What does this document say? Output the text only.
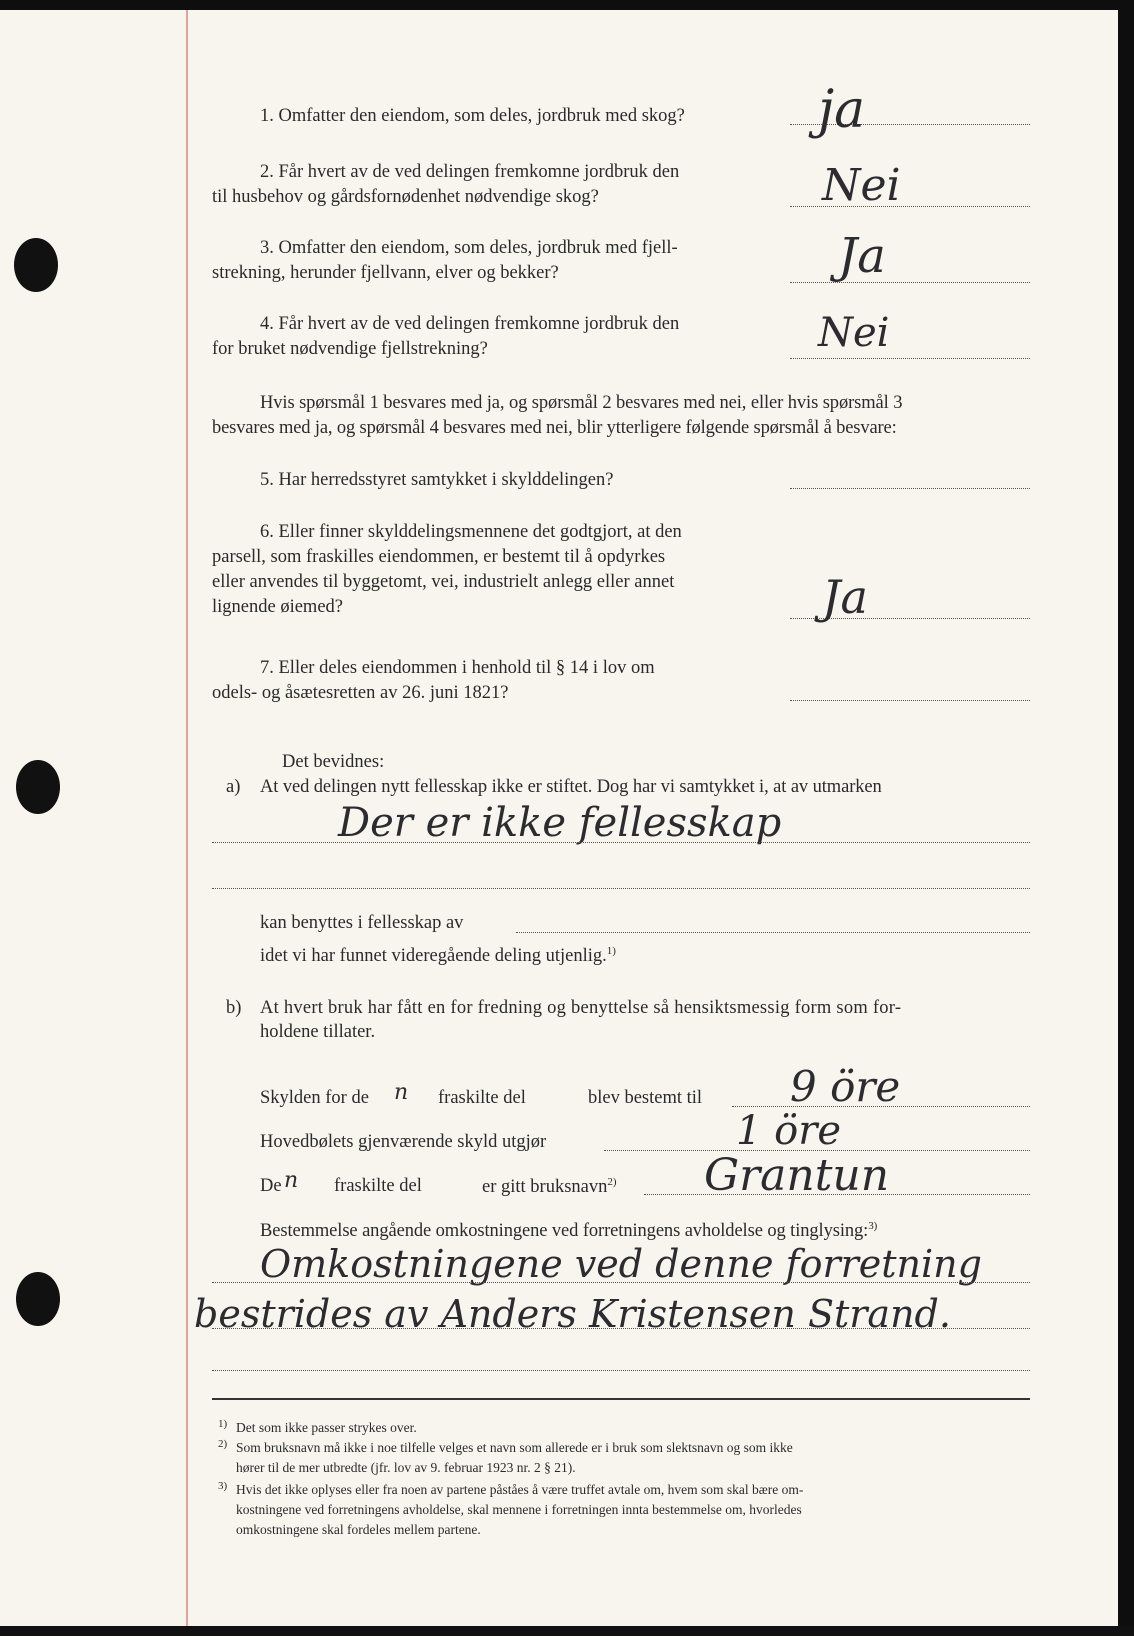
1. Omfatter den eiendom, som deles, jordbruk med skog?	ja
2. Får hvert av de ved delingen fremkomne jordbruk den
til husbehov og gårdsfornødenhet nødvendige skog?	Nei
3. Omfatter den eiendom, som deles, jordbruk med fjell-
strekning, herunder fjellvann, elver og bekker?	Ja
4. Får hvert av de ved delingen fremkomne jordbruk den
for bruket nødvendige fjellstrekning?	Nei
Hvis spørsmål 1 besvares med ja, og spørsmål 2 besvares med nei, eller hvis spørsmål 3
besvares med ja, og spørsmål 4 besvares med nei, blir ytterligere følgende spørsmål å besvare:
5. Har herredsstyret samtykket i skylddelingen?
6. Eller finner skylddelingsmennene det godtgjort, at den
parsell, som fraskilles eiendommen, er bestemt til å opdyrkes
eller anvendes til byggetomt, vei, industrielt anlegg eller annet
lignende øiemed?	Ja
7. Eller deles eiendommen i henhold til § 14 i lov om
odels- og åsætesretten av 26. juni 1821?
Det bevidnes:
a) At ved delingen nytt fellesskap ikke er stiftet. Dog har vi samtykket i, at av utmarken
Der er ikke fellesskap
kan benyttes i fellesskap av
idet vi har funnet videregående deling utjenlig.$^{1)}$
b) At hvert bruk har fått en for fredning og benyttelse så hensiktsmessig form som for-
holdene tillater.
Skylden for de n fraskilte del	blev bestemt til 9 öre
Hovedbølets gjenværende skyld utgjør	1 öre
De n fraskilte del	er gitt bruksnavn$^{2)}$ Grantun
Bestemmelse angående omkostningene ved forretningens avholdelse og tinglysing:$^{3)}$
Omkostningene ved denne forretning
bestrides av Anders Kristensen Strand.
1) Det som ikke passer strykes over.
2) Som bruksnavn må ikke i noe tilfelle velges et navn som allerede er i bruk som slektsnavn og som ikke
hører til de mer utbredte (jfr. lov av 9. februar 1923 nr. 2 § 21).
3) Hvis det ikke oplyses eller fra noen av partene påståes å være truffet avtale om, hvem som skal bære om-
kostningene ved forretningens avholdelse, skal mennene i forretningen innta bestemmelse om, hvorledes
omkostningene skal fordeles mellem partene.
